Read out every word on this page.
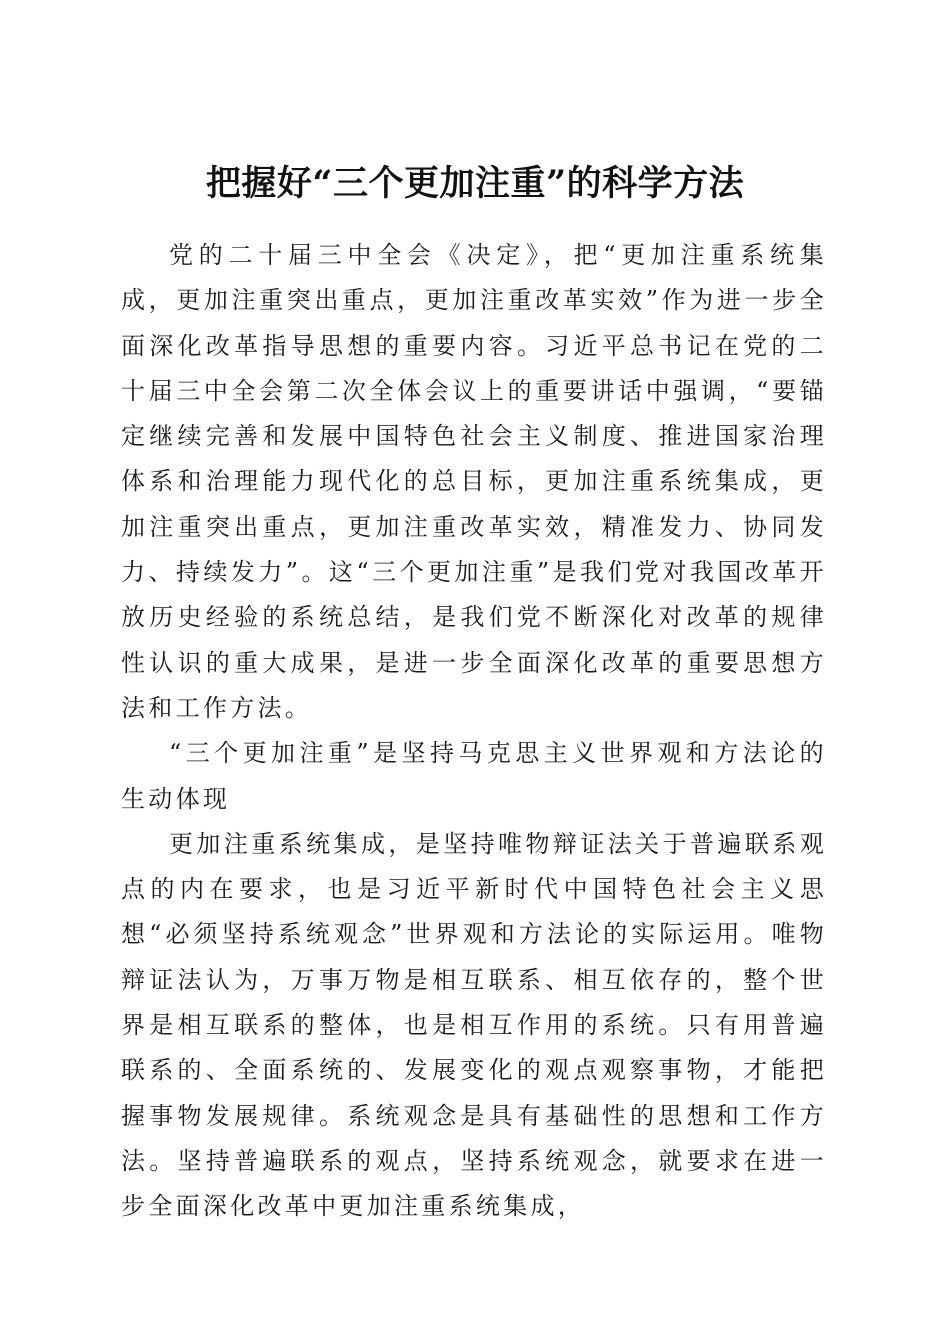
把握好“三个更加注重”的科学方法

党的二十届三中全会《决定》，把“更加注重系统集成，更加注重突出重点，更加注重改革实效”作为进一步全面深化改革指导思想的重要内容。习近平总书记在党的二十届三中全会第二次全体会议上的重要讲话中强调，“要锚定继续完善和发展中国特色社会主义制度、推进国家治理体系和治理能力现代化的总目标，更加注重系统集成，更加注重突出重点，更加注重改革实效，精准发力、协同发力、持续发力”。这“三个更加注重”是我们党对我国改革开放历史经验的系统总结，是我们党不断深化对改革的规律性认识的重大成果，是进一步全面深化改革的重要思想方法和工作方法。

“三个更加注重”是坚持马克思主义世界观和方法论的生动体现

更加注重系统集成，是坚持唯物辩证法关于普遍联系观点的内在要求，也是习近平新时代中国特色社会主义思想“必须坚持系统观念”世界观和方法论的实际运用。唯物辩证法认为，万事万物是相互联系、相互依存的，整个世界是相互联系的整体，也是相互作用的系统。只有用普遍联系的、全面系统的、发展变化的观点观察事物，才能把握事物发展规律。系统观念是具有基础性的思想和工作方法。坚持普遍联系的观点，坚持系统观念，就要求在进一步全面深化改革中更加注重系统集成，
